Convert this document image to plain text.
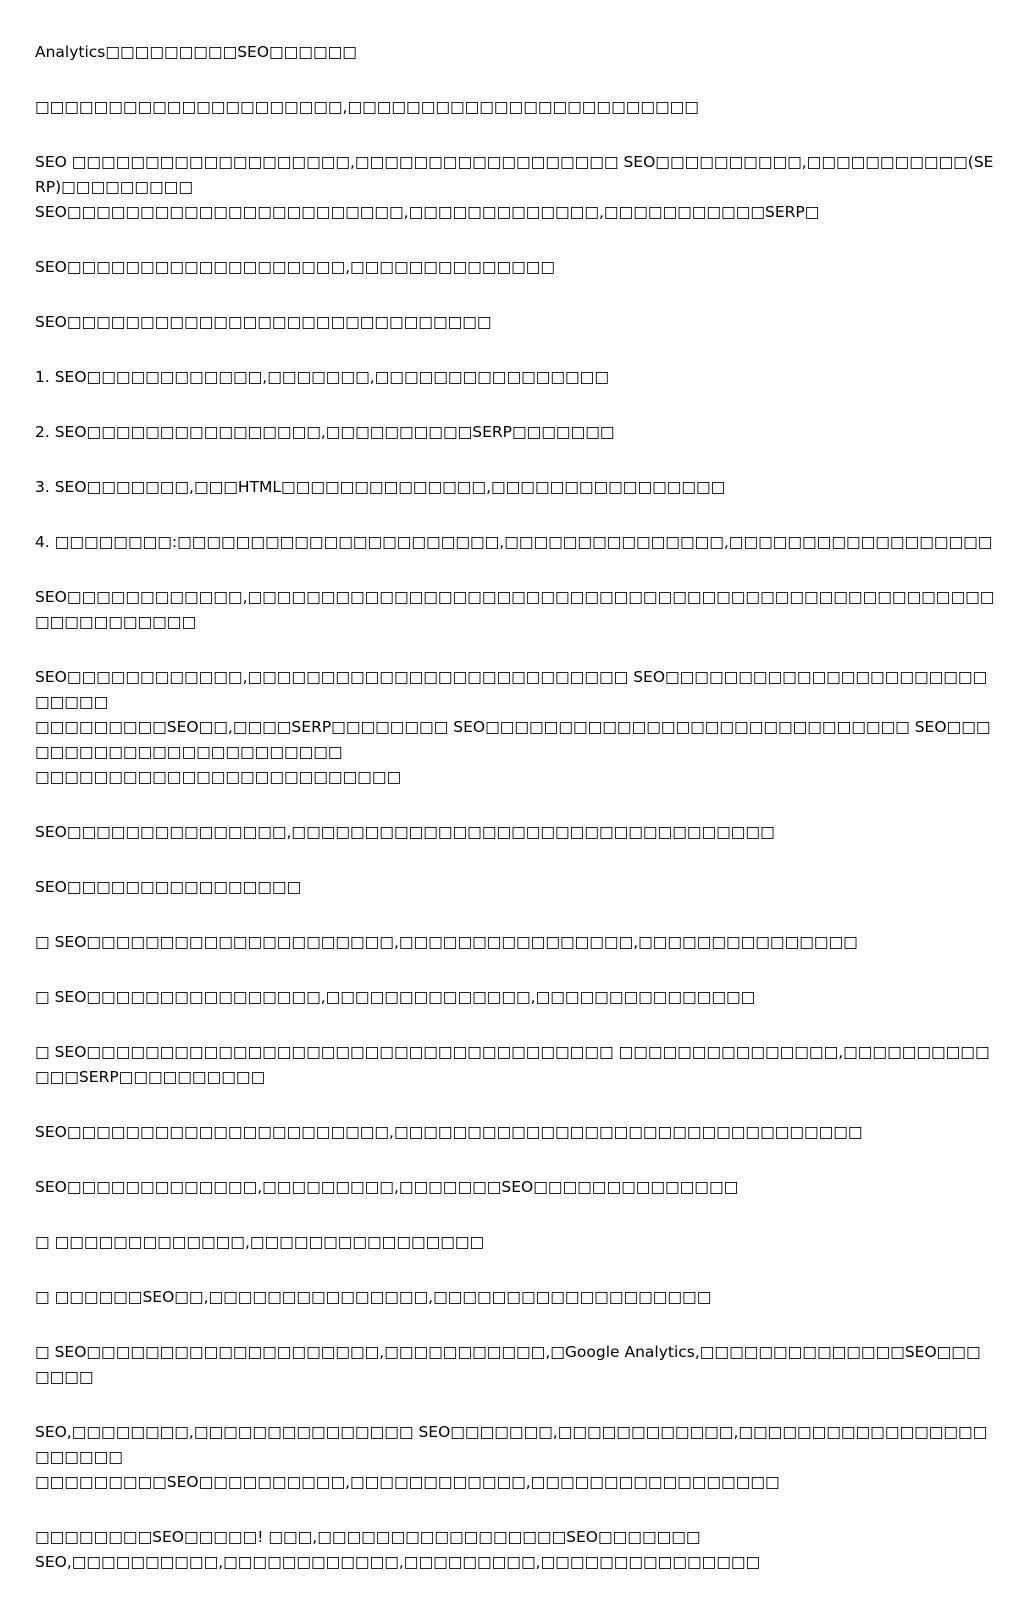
Analytics□□□□□□□□□SEO□□□□□□

□□□□□□□□□□□□□□□□□□□□□,□□□□□□□□□□□□□□□□□□□□□□□□

SEO □□□□□□□□□□□□□□□□□□□,□□□□□□□□□□□□□□□□□□ SEO□□□□□□□□□□,□□□□□□□□□□□(SERP)□□□□□□□□□
SEO□□□□□□□□□□□□□□□□□□□□□□□,□□□□□□□□□□□□□,□□□□□□□□□□□SERP□

SEO□□□□□□□□□□□□□□□□□□□,□□□□□□□□□□□□□□

SEO□□□□□□□□□□□□□□□□□□□□□□□□□□□□□

1. SEO□□□□□□□□□□□□,□□□□□□□,□□□□□□□□□□□□□□□□

2. SEO□□□□□□□□□□□□□□□□,□□□□□□□□□□SERP□□□□□□□

3. SEO□□□□□□□,□□□HTML□□□□□□□□□□□□□□,□□□□□□□□□□□□□□□□

4. □□□□□□□□:□□□□□□□□□□□□□□□□□□□□□□,□□□□□□□□□□□□□□□,□□□□□□□□□□□□□□□□□□

SEO□□□□□□□□□□□□,□□□□□□□□□□□□□□□□□□□□□□□□□□□□□□□□□□□□□□□□□□□□□□□□□□□□□□□□□□□□□□

SEO□□□□□□□□□□□□,□□□□□□□□□□□□□□□□□□□□□□□□□□ SEO□□□□□□□□□□□□□□□□□□□□□□□□□□□
□□□□□□□□□SEO□□,□□□□SERP□□□□□□□□ SEO□□□□□□□□□□□□□□□□□□□□□□□□□□□□□ SEO□□□□□□□□□□□□□□□□□□□□□□□□
□□□□□□□□□□□□□□□□□□□□□□□□□

SEO□□□□□□□□□□□□□□□,□□□□□□□□□□□□□□□□□□□□□□□□□□□□□□□□□

SEO□□□□□□□□□□□□□□□□

□ SEO□□□□□□□□□□□□□□□□□□□□□,□□□□□□□□□□□□□□□□,□□□□□□□□□□□□□□□

□ SEO□□□□□□□□□□□□□□□□,□□□□□□□□□□□□□□,□□□□□□□□□□□□□□□

□ SEO□□□□□□□□□□□□□□□□□□□□□□□□□□□□□□□□□□□□ □□□□□□□□□□□□□□□,□□□□□□□□□□□□□SERP□□□□□□□□□□

SEO□□□□□□□□□□□□□□□□□□□□□□,□□□□□□□□□□□□□□□□□□□□□□□□□□□□□□□□

SEO□□□□□□□□□□□□□,□□□□□□□□□,□□□□□□□SEO□□□□□□□□□□□□□□

□ □□□□□□□□□□□□□,□□□□□□□□□□□□□□□□

□ □□□□□□SEO□□,□□□□□□□□□□□□□□□,□□□□□□□□□□□□□□□□□□□

□ SEO□□□□□□□□□□□□□□□□□□□□,□□□□□□□□□□□,□Google Analytics,□□□□□□□□□□□□□□SEO□□□□□□□

SEO,□□□□□□□□,□□□□□□□□□□□□□□□ SEO□□□□□□□,□□□□□□□□□□□□,□□□□□□□□□□□□□□□□□□□□□□□
□□□□□□□□□SEO□□□□□□□□□□,□□□□□□□□□□□□,□□□□□□□□□□□□□□□□□

□□□□□□□□SEO□□□□□! □□□,□□□□□□□□□□□□□□□□□SEO□□□□□□□
SEO,□□□□□□□□□□,□□□□□□□□□□□□,□□□□□□□□□,□□□□□□□□□□□□□□□
